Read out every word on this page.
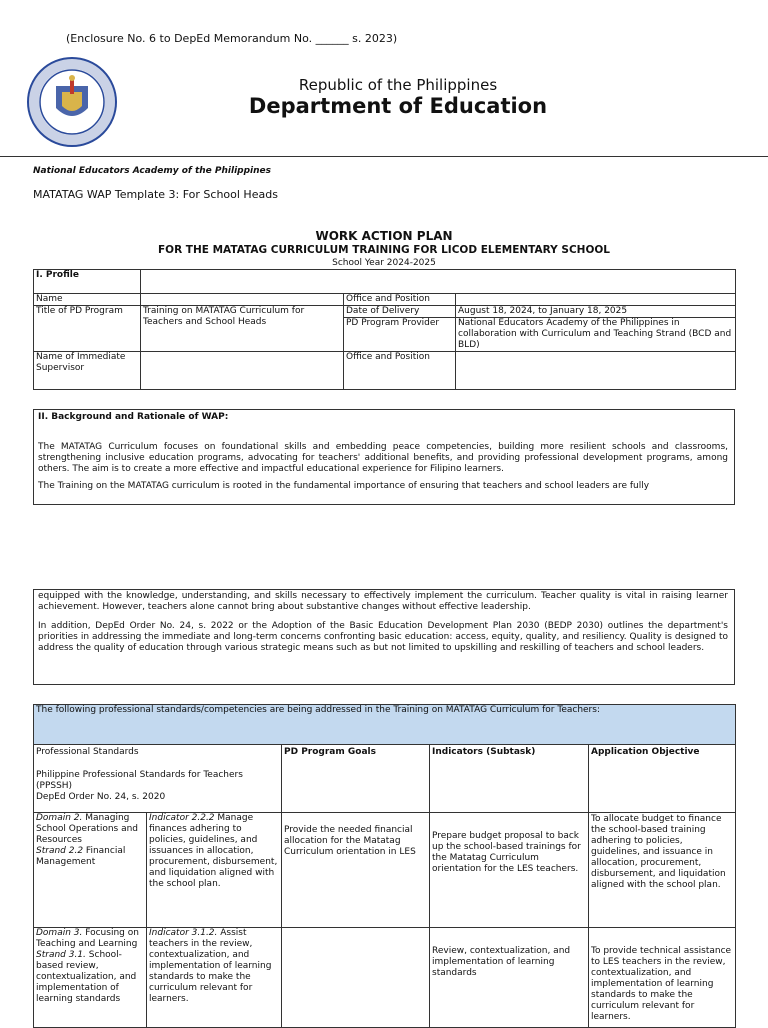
(Enclosure No. 6 to DepEd Memorandum No. ______ s. 2023)
Republic of the Philippines
Department of Education
National Educators Academy of the Philippines
MATATAG WAP Template 3: For School Heads
WORK ACTION PLAN
FOR THE MATATAG CURRICULUM TRAINING FOR LICOD ELEMENTARY SCHOOL
School Year 2024-2025
I. Profile			
Name		Office and Position	
Title of PD Program	Training on MATATAG Curriculum for Teachers and School Heads	Date of Delivery	August 18, 2024, to January 18, 2025
		PD Program Provider	National Educators Academy of the Philippines in collaboration with Curriculum and Teaching Strand (BCD and BLD)
Name of Immediate Supervisor		Office and Position	
II. Background and Rationale of WAP:

The MATATAG Curriculum focuses on foundational skills and embedding peace competencies, building more resilient schools and classrooms, strengthening inclusive education programs, advocating for teachers' additional benefits, and providing professional development programs, among others. The aim is to create a more effective and impactful educational experience for Filipino learners.

The Training on the MATATAG curriculum is rooted in the fundamental importance of ensuring that teachers and school leaders are fully

equipped with the knowledge, understanding, and skills necessary to effectively implement the curriculum. Teacher quality is vital in raising learner achievement. However, teachers alone cannot bring about substantive changes without effective leadership.

In addition, DepEd Order No. 24, s. 2022 or the Adoption of the Basic Education Development Plan 2030 (BEDP 2030) outlines the department's priorities in addressing the immediate and long-term concerns confronting basic education: access, equity, quality, and resiliency. Quality is designed to address the quality of education through various strategic means such as but not limited to upskilling and reskilling of teachers and school leaders.

The following professional standards/competencies are being addressed in the Training on MATATAG Curriculum for Teachers:				

Professional Standards
Philippine Professional Standards for Teachers (PPSSH)
DepEd Order No. 24, s. 2020		PD Program Goals	Indicators (Subtask)	Application Objective
Domain 2. Managing School Operations and Resources
Strand 2.2 Financial Management	Indicator 2.2.2 Manage finances adhering to policies, guidelines, and issuances in allocation, procurement, disbursement, and liquidation aligned with the school plan.	Provide the needed financial allocation for the Matatag Curriculum orientation in LES	Prepare budget proposal to back up the school-based trainings for the Matatag Curriculum orientation for the LES teachers.	To allocate budget to finance the school-based training adhering to policies, guidelines, and issuance in allocation, procurement, disbursement, and liquidation aligned with the school plan.
Domain 3. Focusing on Teaching and Learning
Strand 3.1. School-based review, contextualization, and implementation of learning standards	Indicator 3.1.2. Assist teachers in the review, contextualization, and implementation of learning standards to make the curriculum relevant for learners.		Review, contextualization, and implementation of learning standards	To provide technical assistance to LES teachers in the review, contextualization, and implementation of learning standards to make the curriculum relevant for learners.
